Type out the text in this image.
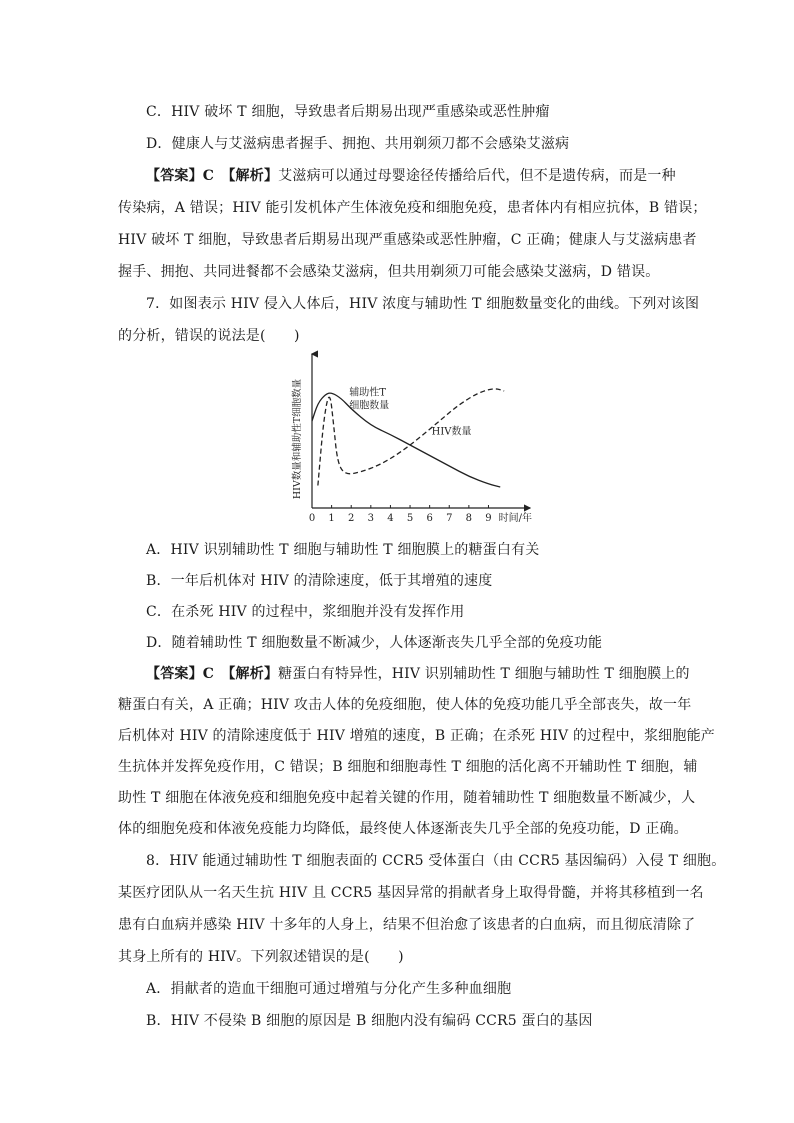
C．HIV 破坏 T 细胞，导致患者后期易出现严重感染或恶性肿瘤
D．健康人与艾滋病患者握手、拥抱、共用剃须刀都不会感染艾滋病
【答案】C　 【解析】艾滋病可以通过母婴途径传播给后代，但不是遗传病，而是一种
传染病，A 错误；HIV 能引发机体产生体液免疫和细胞免疫，患者体内有相应抗体，B 错误；
HIV 破坏 T 细胞，导致患者后期易出现严重感染或恶性肿瘤，C 正确；健康人与艾滋病患者
握手、拥抱、共同进餐都不会感染艾滋病，但共用剃须刀可能会感染艾滋病，D 错误。
7．如图表示 HIV 侵入人体后，HIV 浓度与辅助性 T 细胞数量变化的曲线。下列对该图
的分析，错误的说法是(　　)
0 1 2 3 4 5 6 7 8 9 时间/年
HIV数量和辅助性T细胞数量	辅助性T
细胞数量
HIV数量
A．HIV 识别辅助性 T 细胞与辅助性 T 细胞膜上的糖蛋白有关
B．一年后机体对 HIV 的清除速度，低于其增殖的速度
C．在杀死 HIV 的过程中，浆细胞并没有发挥作用
D．随着辅助性 T 细胞数量不断减少，人体逐渐丧失几乎全部的免疫功能
【答案】C　 【解析】糖蛋白有特异性，HIV 识别辅助性 T 细胞与辅助性 T 细胞膜上的
糖蛋白有关，A 正确；HIV 攻击人体的免疫细胞，使人体的免疫功能几乎全部丧失，故一年
后机体对 HIV 的清除速度低于 HIV 增殖的速度，B 正确；在杀死 HIV 的过程中，浆细胞能产
生抗体并发挥免疫作用，C 错误；B 细胞和细胞毒性 T 细胞的活化离不开辅助性 T 细胞，辅
助性 T 细胞在体液免疫和细胞免疫中起着关键的作用，随着辅助性 T 细胞数量不断减少，人
体的细胞免疫和体液免疫能力均降低，最终使人体逐渐丧失几乎全部的免疫功能，D 正确。
8．HIV 能通过辅助性 T 细胞表面的 CCR5 受体蛋白（由 CCR5 基因编码）入侵 T 细胞。
某医疗团队从一名天生抗 HIV 且 CCR5 基因异常的捐献者身上取得骨髓，并将其移植到一名
患有白血病并感染 HIV 十多年的人身上，结果不但治愈了该患者的白血病，而且彻底清除了
其身上所有的 HIV。下列叙述错误的是(　　)
A．捐献者的造血干细胞可通过增殖与分化产生多种血细胞
B．HIV 不侵染 B 细胞的原因是 B 细胞内没有编码 CCR5 蛋白的基因
